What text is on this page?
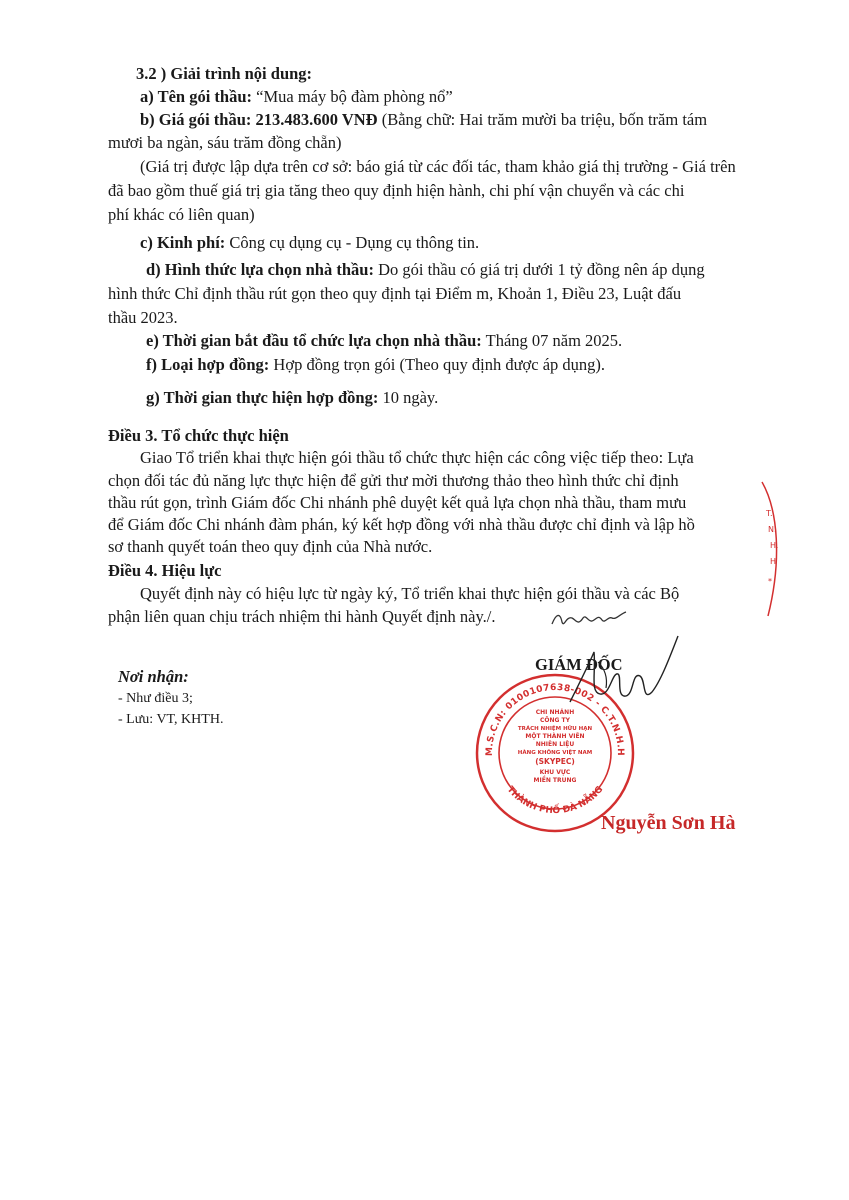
3.2 ) Giải trình nội dung:
a) Tên gói thầu: “Mua máy bộ đàm phòng nổ”
b) Giá gói thầu: 213.483.600 VNĐ (Bằng chữ: Hai trăm mười ba triệu, bốn trăm tám
mươi ba ngàn, sáu trăm đồng chẵn)
(Giá trị được lập dựa trên cơ sở: báo giá từ các đối tác, tham khảo giá thị trường - Giá trên
đã bao gồm thuế giá trị gia tăng theo quy định hiện hành, chi phí vận chuyển và các chi
phí khác có liên quan)
c) Kinh phí: Công cụ dụng cụ - Dụng cụ thông tin.
d) Hình thức lựa chọn nhà thầu: Do gói thầu có giá trị dưới 1 tỷ đồng nên áp dụng
hình thức Chỉ định thầu rút gọn theo quy định tại Điểm m, Khoản 1, Điều 23, Luật đấu
thầu 2023.
e) Thời gian bắt đầu tổ chức lựa chọn nhà thầu: Tháng 07 năm 2025.
f) Loại hợp đồng: Hợp đồng trọn gói (Theo quy định được áp dụng).
g) Thời gian thực hiện hợp đồng: 10 ngày.
Điều 3. Tổ chức thực hiện
Giao Tổ triển khai thực hiện gói thầu tổ chức thực hiện các công việc tiếp theo: Lựa
chọn đối tác đủ năng lực thực hiện để gửi thư mời thương thảo theo hình thức chỉ định
thầu rút gọn, trình Giám đốc Chi nhánh phê duyệt kết quả lựa chọn nhà thầu, tham mưu
để Giám đốc Chi nhánh đàm phán, ký kết hợp đồng với nhà thầu được chỉ định và lập hồ
sơ thanh quyết toán theo quy định của Nhà nước.
Điều 4. Hiệu lực
Quyết định này có hiệu lực từ ngày ký, Tổ triển khai thực hiện gói thầu và các Bộ
phận liên quan chịu trách nhiệm thi hành Quyết định này./.
T.
N.
H.
H
*
Nơi nhận:
- Như điều 3;
- Lưu: VT, KHTH.
GIÁM ĐỐC
M.S.C.N: 0100107638-002 - C.T.N.H.H
THÀNH PHỐ ĐÀ NẴNG
CHI NHÁNH
CÔNG TY
TRÁCH NHIỆM HỮU HẠN
MỘT THÀNH VIÊN
NHIÊN LIỆU
HÀNG KHÔNG VIỆT NAM
(SKYPEC)
KHU VỰC
MIỀN TRUNG
Nguyễn Sơn Hà
